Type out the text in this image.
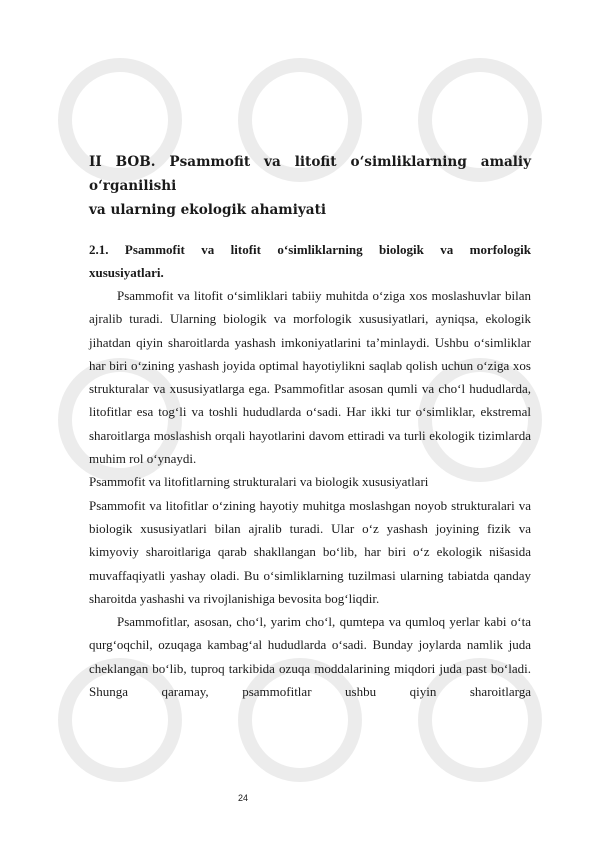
II BOB. Psammofit va litofit o‘simliklarning amaliy o‘rganilishi
va ularning ekologik ahamiyati
2.1. Psammofit va litofit o‘simliklarning biologik va morfologik
xususiyatlari.

Psammofit va litofit o‘simliklari tabiiy muhitda o‘ziga xos moslashuvlar bilan ajralib turadi. Ularning biologik va morfologik xususiyatlari, ayniqsa, ekologik jihatdan qiyin sharoitlarda yashash imkoniyatlarini ta’minlaydi. Ushbu o‘simliklar har biri o‘zining yashash joyida optimal hayotiylikni saqlab qolish uchun o‘ziga xos strukturalar va xususiyatlarga ega. Psammofitlar asosan qumli va cho‘l hududlarda, litofitlar esa tog‘li va toshli hududlarda o‘sadi. Har ikki tur o‘simliklar, ekstremal sharoitlarga moslashish orqali hayotlarini davom ettiradi va turli ekologik tizimlarda muhim rol o‘ynaydi.

Psammofit va litofitlarning strukturalari va biologik xususiyatlari

Psammofit va litofitlar o‘zining hayotiy muhitga moslashgan noyob strukturalari va biologik xususiyatlari bilan ajralib turadi. Ular o‘z yashash joyining fizik va kimyoviy sharoitlariga qarab shakllangan bo‘lib, har biri o‘z ekologik nišasida muvaffaqiyatli yashay oladi. Bu o‘simliklarning tuzilmasi ularning tabiatda qanday sharoitda yashashi va rivojlanishiga bevosita bog‘liqdir.

Psammofitlar, asosan, cho‘l, yarim cho‘l, qumtepa va qumloq yerlar kabi o‘ta qurg‘oqchil, ozuqaga kambag‘al hududlarda o‘sadi. Bunday joylarda namlik juda cheklangan bo‘lib, tuproq tarkibida ozuqa moddalarining miqdori juda past bo‘ladi. Shunga qaramay, psammofitlar ushbu qiyin sharoitlarga

24
